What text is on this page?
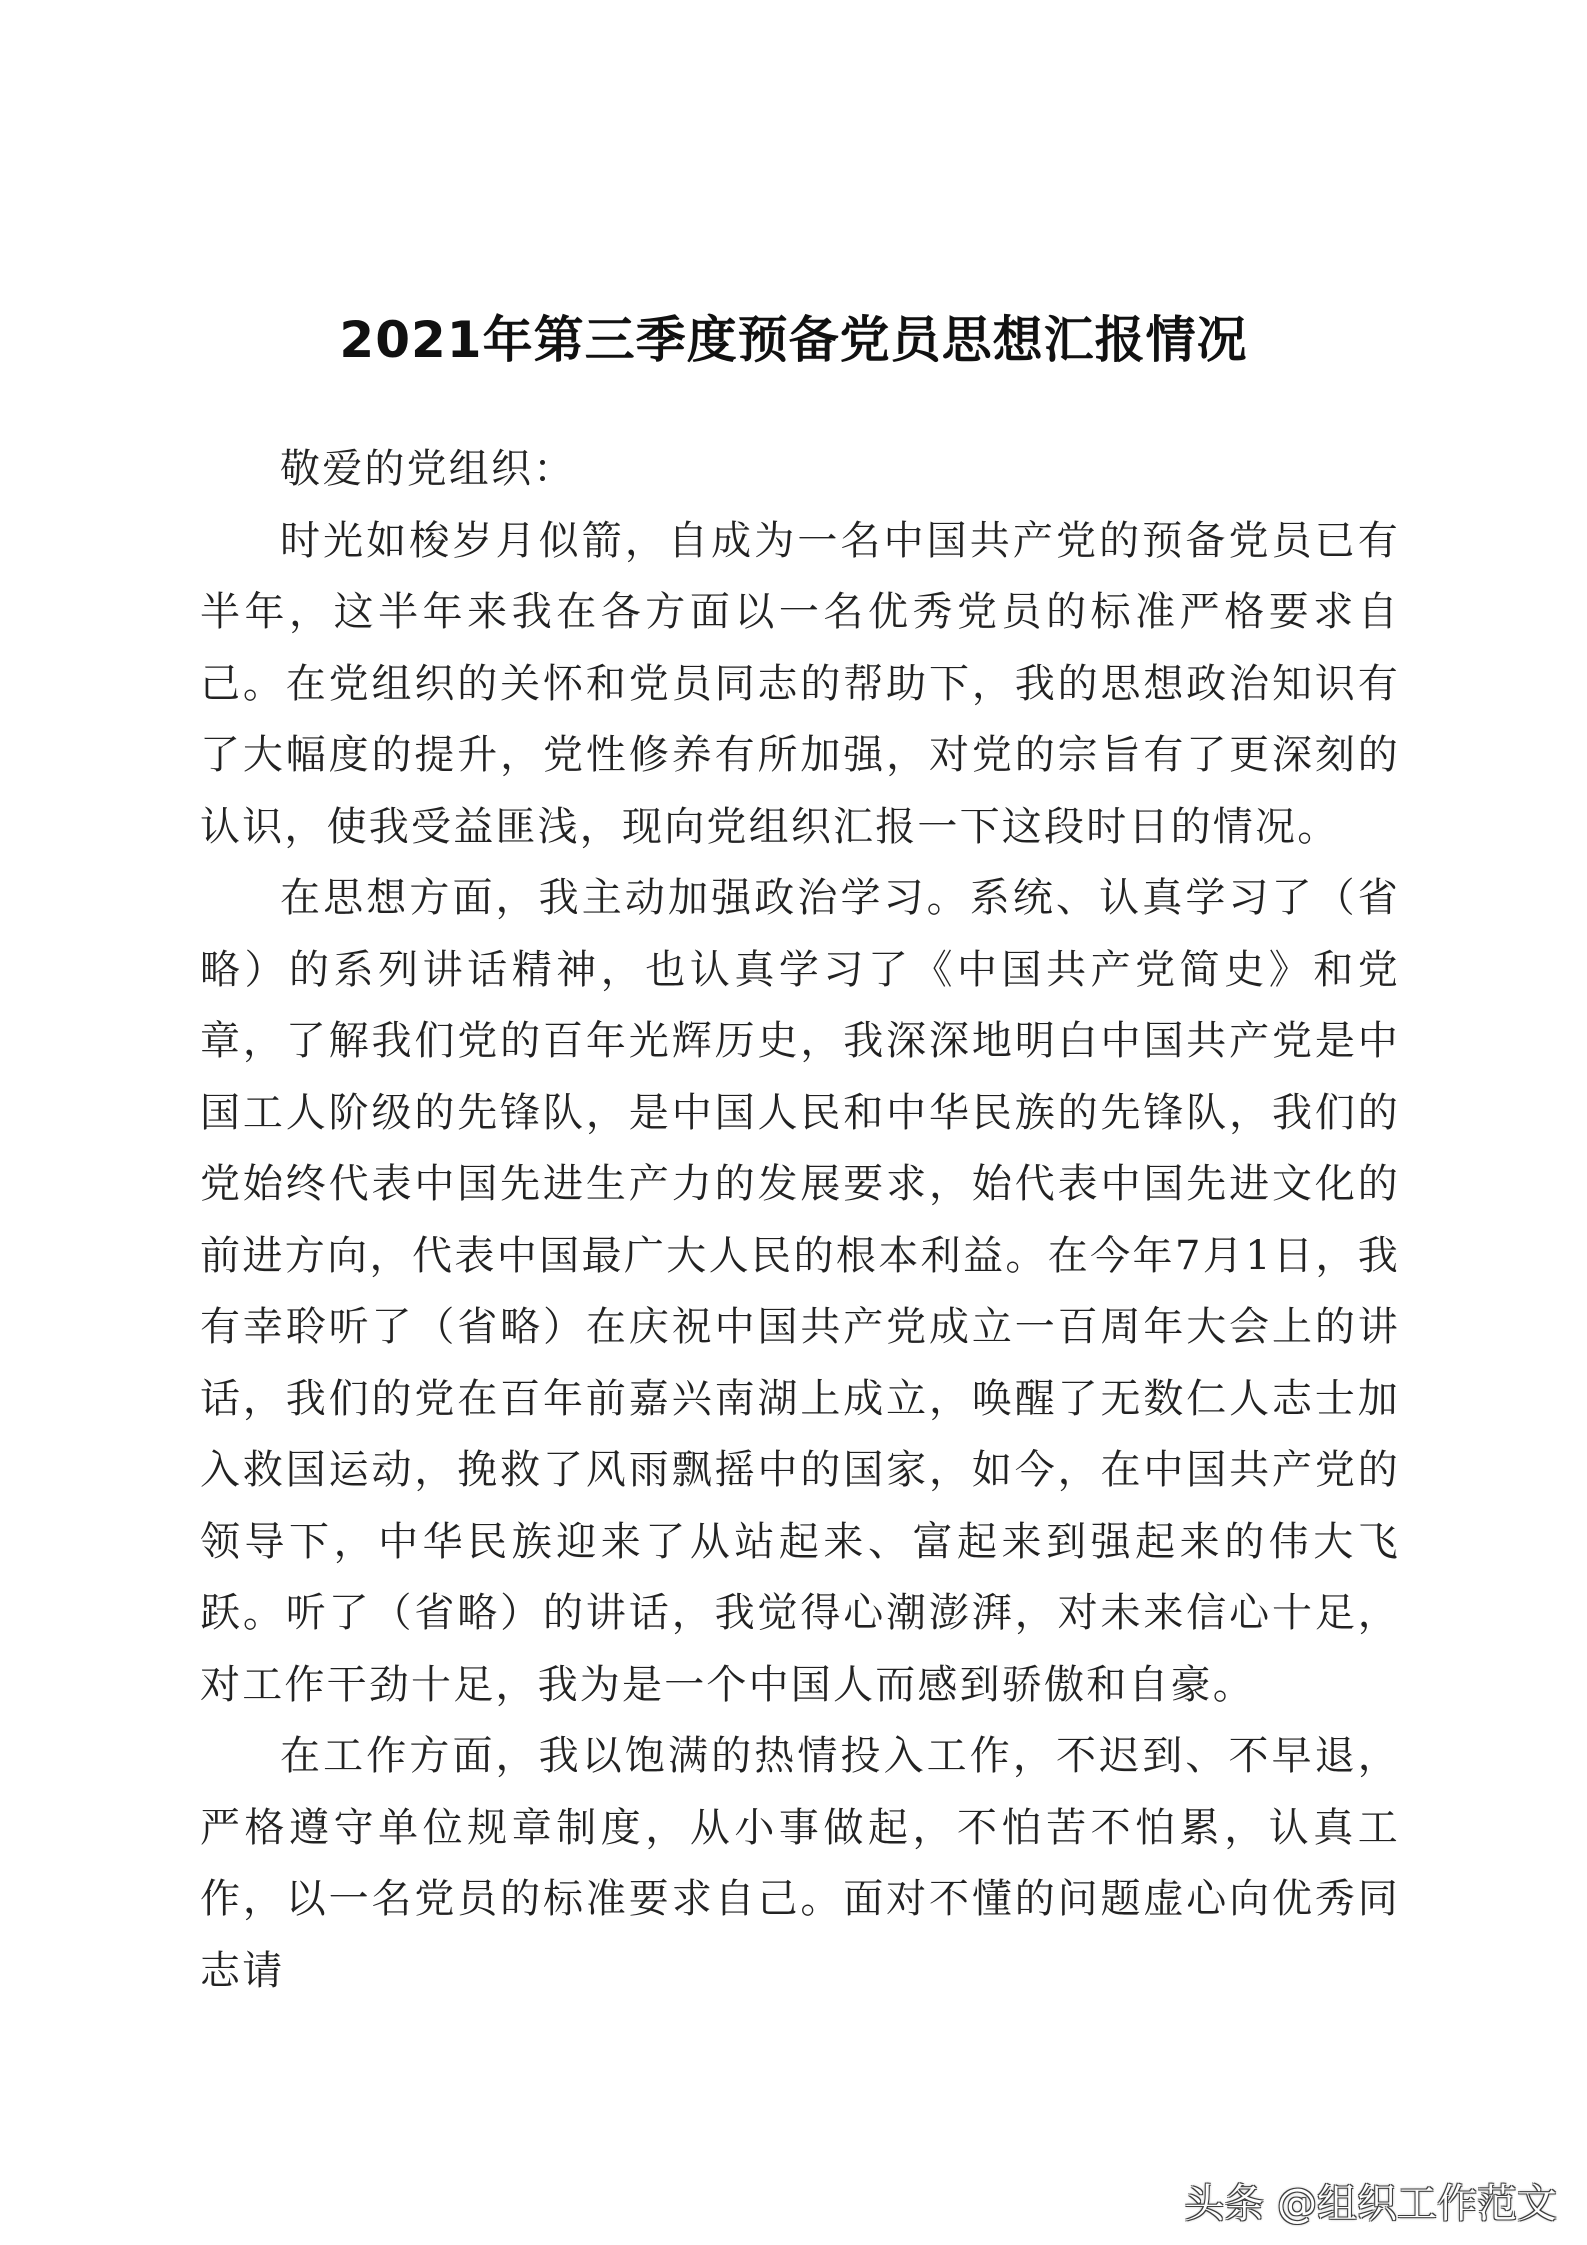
2021年第三季度预备党员思想汇报情况

敬爱的党组织：

时光如梭岁月似箭，自成为一名中国共产党的预备党员已有半年，这半年来我在各方面以一名优秀党员的标准严格要求自己。在党组织的关怀和党员同志的帮助下，我的思想政治知识有了大幅度的提升，党性修养有所加强，对党的宗旨有了更深刻的认识，使我受益匪浅，现向党组织汇报一下这段时日的情况。

在思想方面，我主动加强政治学习。系统、认真学习了（省略）的系列讲话精神，也认真学习了《中国共产党简史》和党章，了解我们党的百年光辉历史，我深深地明白中国共产党是中国工人阶级的先锋队，是中国人民和中华民族的先锋队，我们的党始终代表中国先进生产力的发展要求，始代表中国先进文化的前进方向，代表中国最广大人民的根本利益。在今年7月1日，我有幸聆听了（省略）在庆祝中国共产党成立一百周年大会上的讲话，我们的党在百年前嘉兴南湖上成立，唤醒了无数仁人志士加入救国运动，挽救了风雨飘摇中的国家，如今，在中国共产党的领导下，中华民族迎来了从站起来、富起来到强起来的伟大飞跃。听了（省略）的讲话，我觉得心潮澎湃，对未来信心十足，对工作干劲十足，我为是一个中国人而感到骄傲和自豪。

在工作方面，我以饱满的热情投入工作，不迟到、不早退，严格遵守单位规章制度，从小事做起，不怕苦不怕累，认真工作，以一名党员的标准要求自己。面对不懂的问题虚心向优秀同志请

头条 @组织工作范文
